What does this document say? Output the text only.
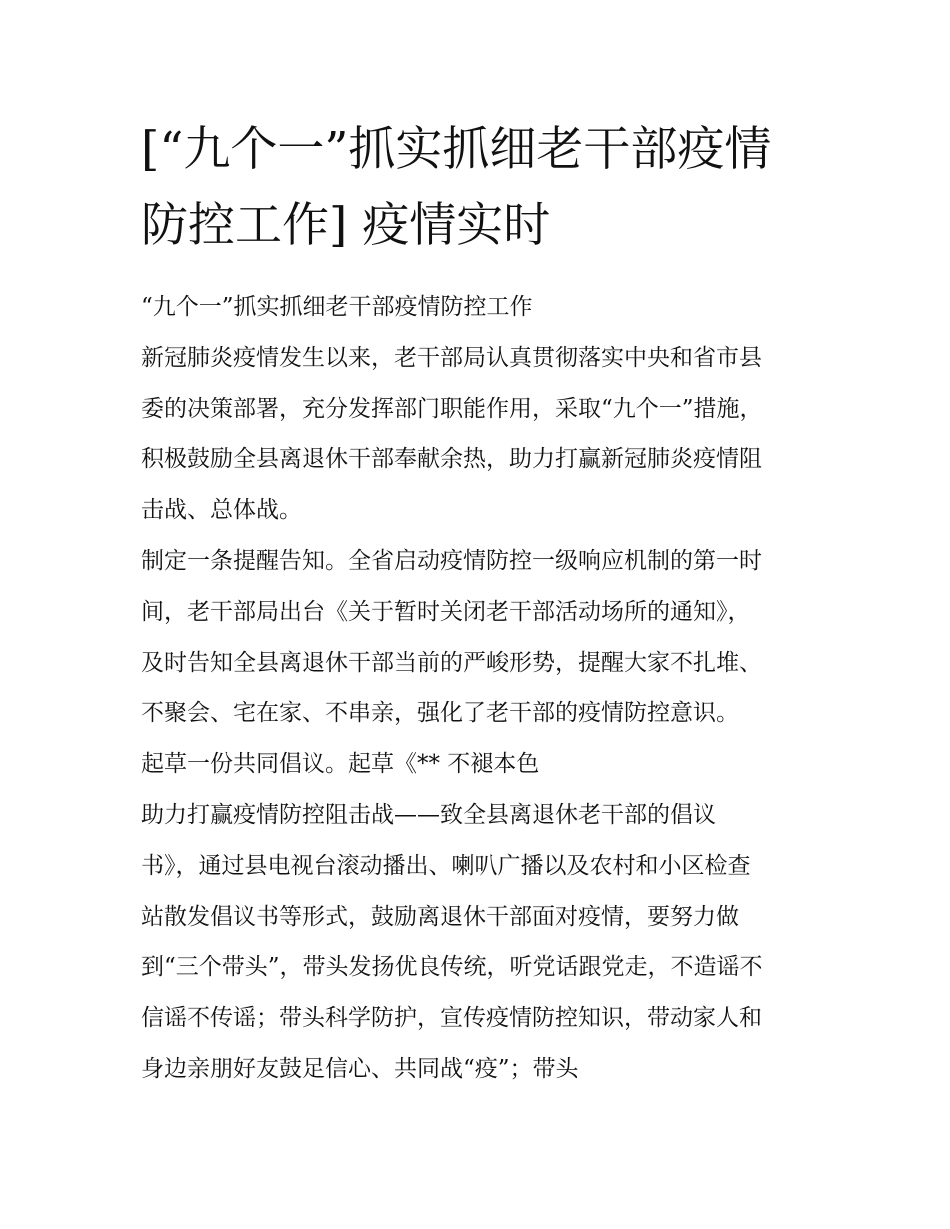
[“九个一”抓实抓细老干部疫情
防控工作] 疫情实时
“九个一”抓实抓细老干部疫情防控工作
新冠肺炎疫情发生以来，老干部局认真贯彻落实中央和省市县
委的决策部署，充分发挥部门职能作用，采取“九个一”措施，
积极鼓励全县离退休干部奉献余热，助力打赢新冠肺炎疫情阻
击战、总体战。
制定一条提醒告知。全省启动疫情防控一级响应机制的第一时
间，老干部局出台《关于暂时关闭老干部活动场所的通知》，
及时告知全县离退休干部当前的严峻形势，提醒大家不扎堆、
不聚会、宅在家、不串亲，强化了老干部的疫情防控意识。
起草一份共同倡议。起草《** 不褪本色
助力打赢疫情防控阻击战——致全县离退休老干部的倡议
书》，通过县电视台滚动播出、喇叭广播以及农村和小区检查
站散发倡议书等形式，鼓励离退休干部面对疫情，要努力做
到“三个带头”，带头发扬优良传统，听党话跟党走，不造谣不
信谣不传谣；带头科学防护，宣传疫情防控知识，带动家人和
身边亲朋好友鼓足信心、共同战“疫”；带头
